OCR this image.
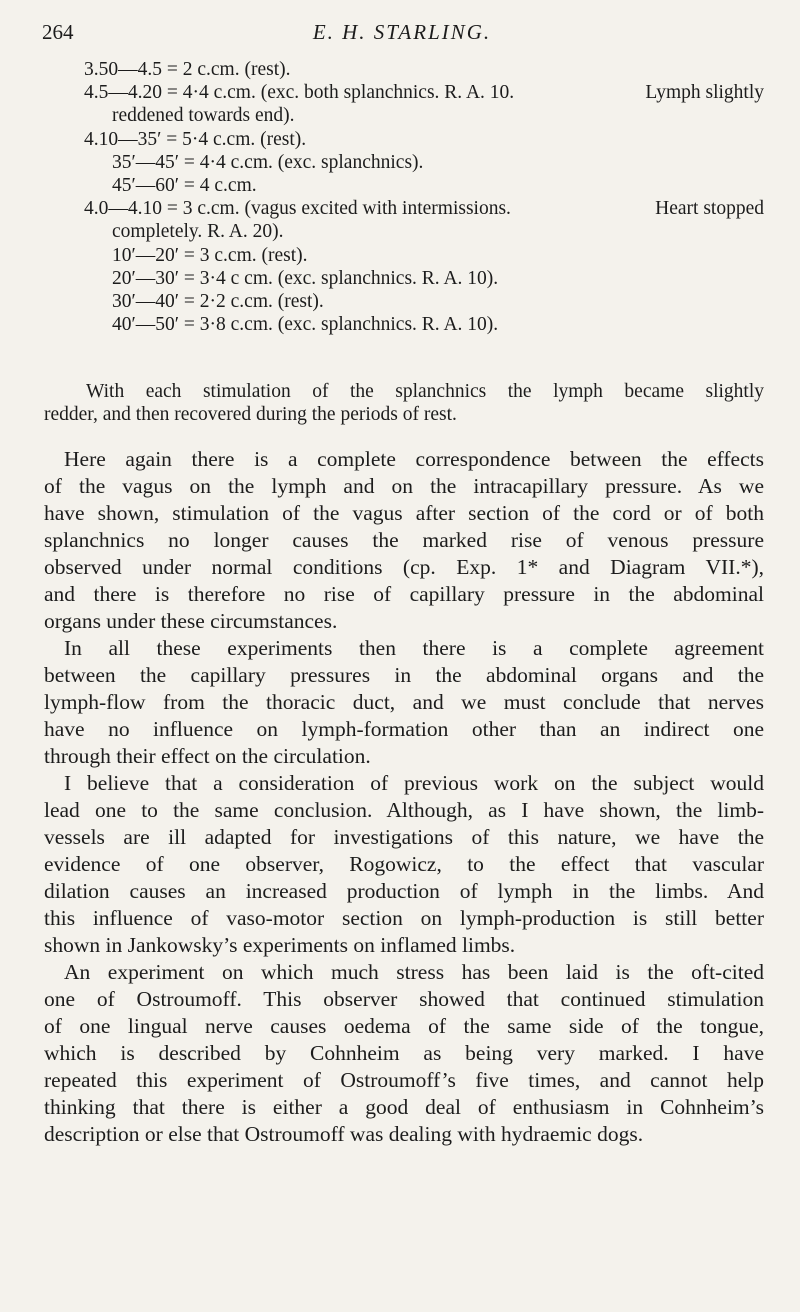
264	E. H. STARLING.
3.50—4.5 = 2 c.cm. (rest).
4.5—4.20 = 4·4 c.cm. (exc. both splanchnics. R. A. 10.	Lymph slightly
reddened towards end).
4.10—35′ = 5·4 c.cm. (rest).
35′—45′ = 4·4 c.cm. (exc. splanchnics).
45′—60′ = 4 c.cm.
4.0—4.10 = 3 c.cm. (vagus excited with intermissions.	Heart stopped
completely. R. A. 20).
10′—20′ = 3 c.cm. (rest).
20′—30′ = 3·4 c cm. (exc. splanchnics. R. A. 10).
30′—40′ = 2·2 c.cm. (rest).
40′—50′ = 3·8 c.cm. (exc. splanchnics. R. A. 10).
With each stimulation of the splanchnics the lymph became slightly
redder, and then recovered during the periods of rest.
Here again there is a complete correspondence between the effects
of the vagus on the lymph and on the intracapillary pressure. As we
have shown, stimulation of the vagus after section of the cord or of both
splanchnics no longer causes the marked rise of venous pressure
observed under normal conditions (cp. Exp. 1* and Diagram VII.*),
and there is therefore no rise of capillary pressure in the abdominal
organs under these circumstances.
In all these experiments then there is a complete agreement
between the capillary pressures in the abdominal organs and the
lymph-flow from the thoracic duct, and we must conclude that nerves
have no influence on lymph-formation other than an indirect one
through their effect on the circulation.
I believe that a consideration of previous work on the subject would
lead one to the same conclusion. Although, as I have shown, the limb-
vessels are ill adapted for investigations of this nature, we have the
evidence of one observer, Rogowicz, to the effect that vascular
dilation causes an increased production of lymph in the limbs. And
this influence of vaso-motor section on lymph-production is still better
shown in Jankowsky’s experiments on inflamed limbs.
An experiment on which much stress has been laid is the oft-cited
one of Ostroumoff. This observer showed that continued stimulation
of one lingual nerve causes oedema of the same side of the tongue,
which is described by Cohnheim as being very marked. I have
repeated this experiment of Ostroumoff’s five times, and cannot help
thinking that there is either a good deal of enthusiasm in Cohnheim’s
description or else that Ostroumoff was dealing with hydraemic dogs.
